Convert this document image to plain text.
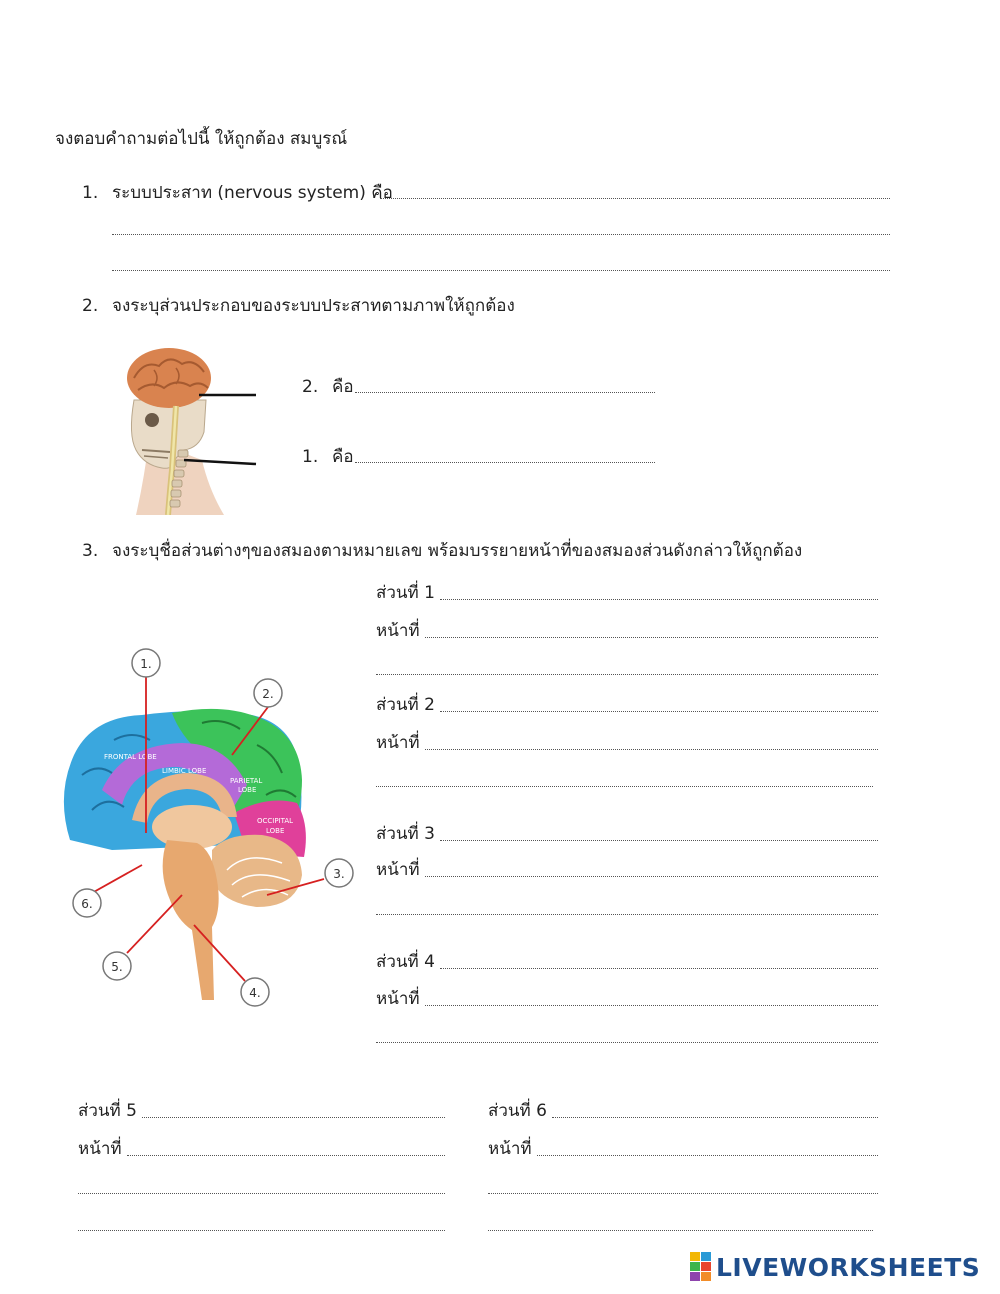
จงตอบคำถามต่อไปนี้ ให้ถูกต้อง สมบูรณ์
1. ระบบประสาท (nervous system) คือ
2. จงระบุส่วนประกอบของระบบประสาทตามภาพให้ถูกต้อง
2. คือ
1. คือ
3. จงระบุชื่อส่วนต่างๆของสมองตามหมายเลข พร้อมบรรยายหน้าที่ของสมองส่วนดังกล่าวให้ถูกต้อง
FRONTAL LOBE
LIMBIC LOBE
PARIETAL
LOBE
OCCIPITAL
LOBE
1.
2.
3.
4.
5.
6.
ส่วนที่ 1
หน้าที่
ส่วนที่ 2
หน้าที่
ส่วนที่ 3
หน้าที่
ส่วนที่ 4
หน้าที่
ส่วนที่ 5
หน้าที่
ส่วนที่ 6
หน้าที่
LIVEWORKSHEETS
